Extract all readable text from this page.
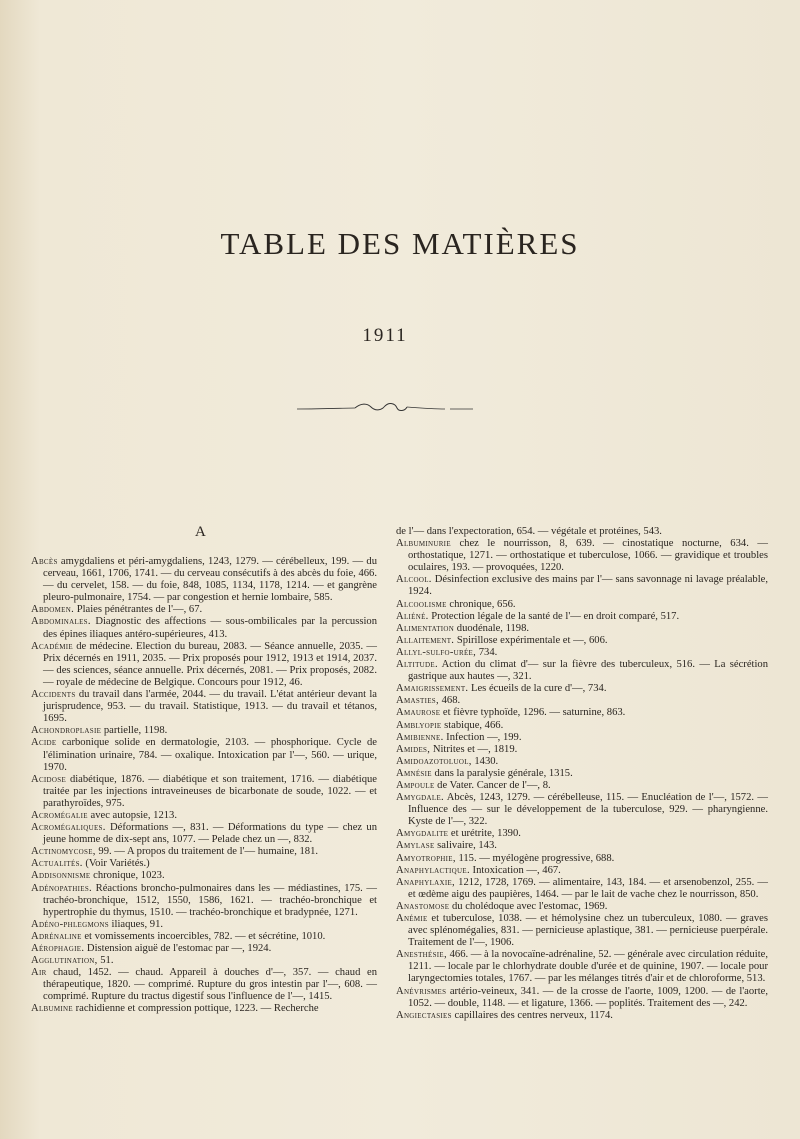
TABLE DES MATIÈRES
1911
A

Abcès amygdaliens et péri-amygdaliens, 1243, 1279. — cérébelleux, 199. — du cerveau, 1661, 1706, 1741. — du cerveau consécutifs à des abcès du foie, 466. — du cervelet, 158. — du foie, 848, 1085, 1134, 1178, 1214. — et gangrène pleuro-pulmonaire, 1754. — par congestion et hernie lombaire, 585.

Abdomen. Plaies pénétrantes de l'—, 67.

Abdominales. Diagnostic des affections — sous-ombilicales par la percussion des épines iliaques antéro-supérieures, 413.

Académie de médecine. Election du bureau, 2083. — Séance annuelle, 2035. — Prix décernés en 1911, 2035. — Prix proposés pour 1912, 1913 et 1914, 2037. — des sciences, séance annuelle. Prix décernés, 2081. — Prix proposés, 2082. — royale de médecine de Belgique. Concours pour 1912, 46.

Accidents du travail dans l'armée, 2044. — du travail. L'état antérieur devant la jurisprudence, 953. — du travail. Statistique, 1913. — du travail et tétanos, 1695.

Achondroplasie partielle, 1198.

Acide carbonique solide en dermatologie, 2103. — phosphorique. Cycle de l'élimination urinaire, 784. — oxalique. Intoxication par l'—, 560. — urique, 1970.

Acidose diabétique, 1876. — diabétique et son traitement, 1716. — diabétique traitée par les injections intraveineuses de bicarbonate de soude, 1022. — et parathyroïdes, 975.

Acromégalie avec autopsie, 1213.

Acromégaliques. Déformations —, 831. — Déformations du type — chez un jeune homme de dix-sept ans, 1077. — Pelade chez un —, 832.

Actinomycose, 99. — A propos du traitement de l'— humaine, 181.

Actualités. (Voir Variétés.)

Addisonnisme chronique, 1023.

Adénopathies. Réactions broncho-pulmonaires dans les — médiastines, 175. — trachéo-bronchique, 1512, 1550, 1586, 1621. — trachéo-bronchique et hypertrophie du thymus, 1510. — trachéo-bronchique et bradypnée, 1271.

Adéno-phlegmons iliaques, 91.

Adrénaline et vomissements incoercibles, 782. — et sécrétine, 1010.

Aérophagie. Distension aiguë de l'estomac par —, 1924.

Agglutination, 51.

Air chaud, 1452. — chaud. Appareil à douches d'—, 357. — chaud en thérapeutique, 1820. — comprimé. Rupture du gros intestin par l'—, 608. — comprimé. Rupture du tractus digestif sous l'influence de l'—, 1415.

Albumine rachidienne et compression pottique, 1223. — Recherche

de l'— dans l'expectoration, 654. — végétale et protéines, 543.

Albuminurie chez le nourrisson, 8, 639. — cinostatique nocturne, 634. — orthostatique, 1271. — orthostatique et tuberculose, 1066. — gravidique et troubles oculaires, 193. — provoquées, 1220.

Alcool. Désinfection exclusive des mains par l'— sans savonnage ni lavage préalable, 1924.

Alcoolisme chronique, 656.

Aliéné. Protection légale de la santé de l'— en droit comparé, 517.

Alimentation duodénale, 1198.

Allaitement. Spirillose expérimentale et —, 606.

Allyl-sulfo-urée, 734.

Altitude. Action du climat d'— sur la fièvre des tuberculeux, 516. — La sécrétion gastrique aux hautes —, 321.

Amaigrissement. Les écueils de la cure d'—, 734.

Amasties, 468.

Amaurose et fièvre typhoïde, 1296. — saturnine, 863.

Amblyopie stabique, 466.

Amibienne. Infection —, 199.

Amides, Nitrites et —, 1819.

Amidoazotoluol, 1430.

Amnésie dans la paralysie générale, 1315.

Ampoule de Vater. Cancer de l'—, 8.

Amygdale. Abcès, 1243, 1279. — cérébelleuse, 115. — Enucléation de l'—, 1572. — Influence des — sur le développement de la tuberculose, 929. — pharyngienne. Kyste de l'—, 322.

Amygdalite et urétrite, 1390.

Amylase salivaire, 143.

Amyotrophie, 115. — myélogène progressive, 688.

Anaphylactique. Intoxication —, 467.

Anaphylaxie, 1212, 1728, 1769. — alimentaire, 143, 184. — et arsenobenzol, 255. — et œdème aigu des paupières, 1464. — par le lait de vache chez le nourrisson, 850.

Anastomose du cholédoque avec l'estomac, 1969.

Anémie et tuberculose, 1038. — et hémolysine chez un tuberculeux, 1080. — graves avec splénomégalies, 831. — pernicieuse aplastique, 381. — pernicieuse puerpérale. Traitement de l'—, 1906.

Anesthésie, 466. — à la novocaïne-adrénaline, 52. — générale avec circulation réduite, 1211. — locale par le chlorhydrate double d'urée et de quinine, 1907. — locale pour laryngectomies totales, 1767. — par les mélanges titrés d'air et de chloroforme, 513.

Anévrismes artério-veineux, 341. — de la crosse de l'aorte, 1009, 1200. — de l'aorte, 1052. — double, 1148. — et ligature, 1366. — poplités. Traitement des —, 242.

Angiectasies capillaires des centres nerveux, 1174.
